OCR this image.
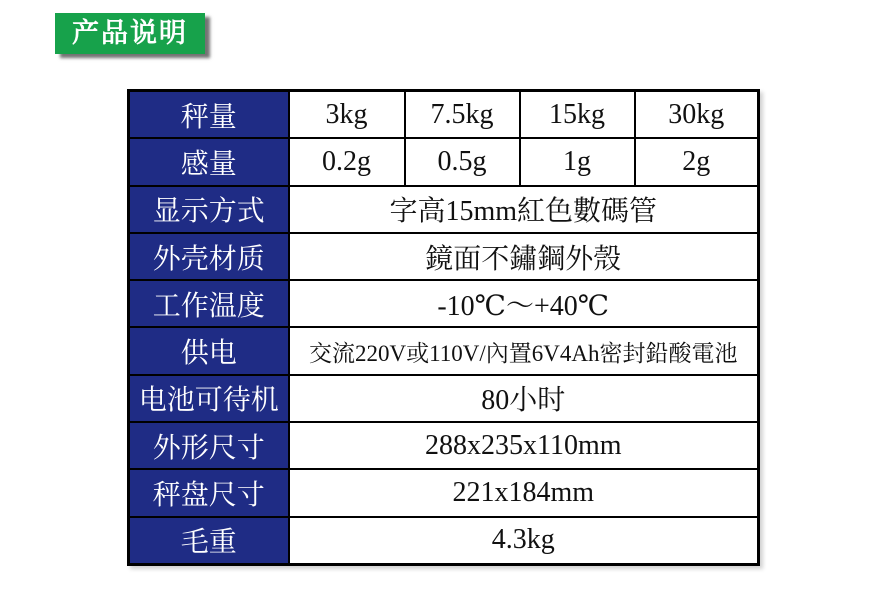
产品说明
秤量	3kg	7.5kg	15kg	30kg
感量	0.2g	0.5g	1g	2g
显示方式	字高15mm紅色數碼管			
外壳材质	鏡面不鏽鋼外殼			
工作温度	-10℃～+40℃			
供电	交流220V或110V/內置6V4Ah密封鉛酸電池			
电池可待机	80小时			
外形尺寸	288x235x110mm			
秤盘尺寸	221x184mm			
毛重	4.3kg			
